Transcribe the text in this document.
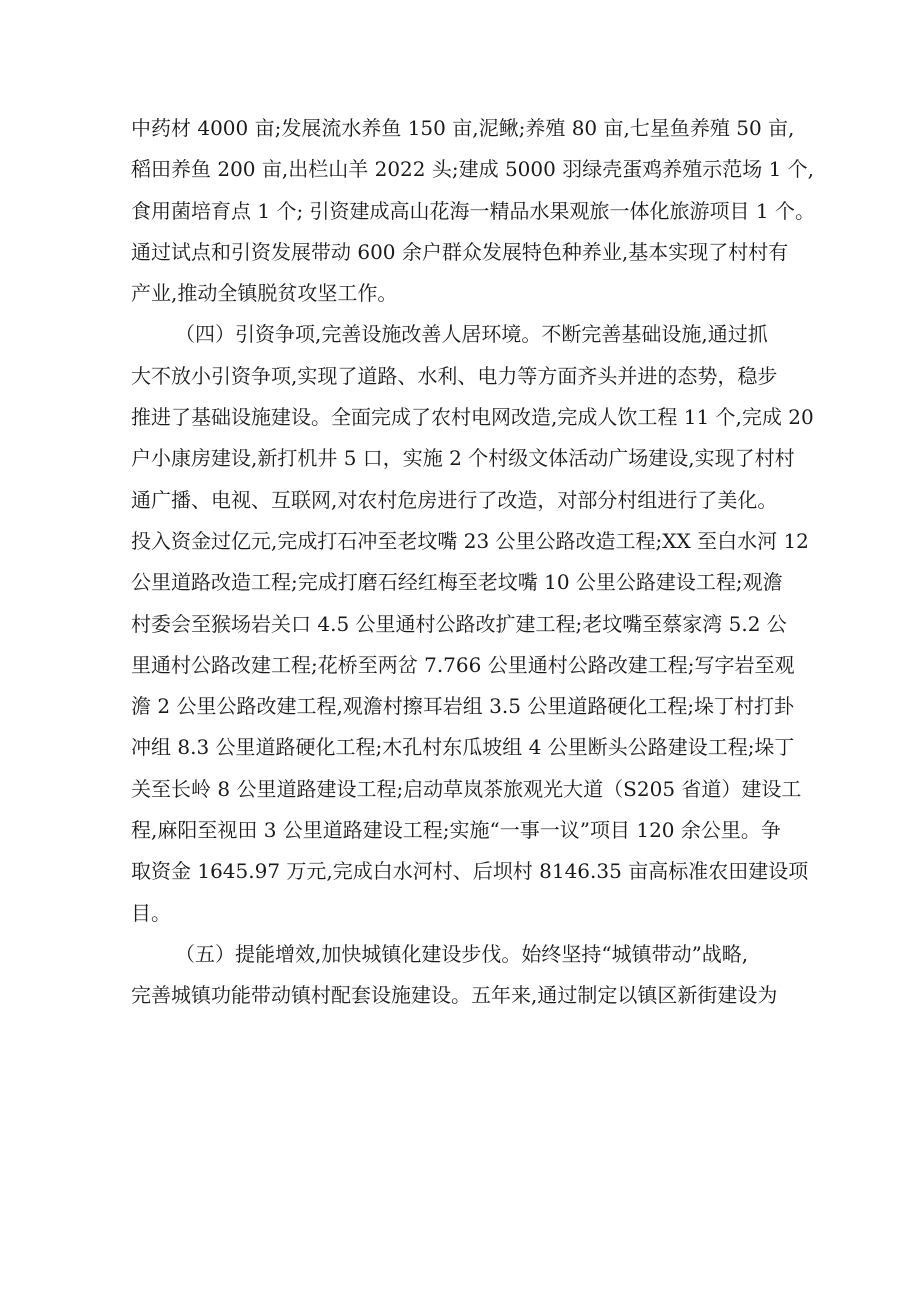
中药材 4000 亩;发展流水养鱼 150 亩,泥鳅;养殖 80 亩,七星鱼养殖 50 亩,
稻田养鱼 200 亩,出栏山羊 2022 头;建成 5000 羽绿壳蛋鸡养殖示范场 1 个,
食用菌培育点 1 个; 引资建成高山花海一精品水果观旅一体化旅游项目 1 个。
通过试点和引资发展带动 600 余户群众发展特色种养业,基本实现了村村有
产业,推动全镇脱贫攻坚工作。
（四）引资争项,完善设施改善人居环境。不断完善基础设施,通过抓
大不放小引资争项,实现了道路、水利、电力等方面齐头并进的态势，稳步
推进了基础设施建设。全面完成了农村电网改造,完成人饮工程 11 个,完成 20
户小康房建设,新打机井 5 口，实施 2 个村级文体活动广场建设,实现了村村
通广播、电视、互联网,对农村危房进行了改造，对部分村组进行了美化。
投入资金过亿元,完成打石冲至老坟嘴 23 公里公路改造工程;XX 至白水河 12
公里道路改造工程;完成打磨石经红梅至老坟嘴 10 公里公路建设工程;观澹
村委会至猴场岩关口 4.5 公里通村公路改扩建工程;老坟嘴至蔡家湾 5.2 公
里通村公路改建工程;花桥至两岔 7.766 公里通村公路改建工程;写字岩至观
澹 2 公里公路改建工程,观澹村擦耳岩组 3.5 公里道路硬化工程;垛丁村打卦
冲组 8.3 公里道路硬化工程;木孔村东瓜坡组 4 公里断头公路建设工程;垛丁
关至长岭 8 公里道路建设工程;启动草岚茶旅观光大道（S205 省道）建设工
程,麻阳至视田 3 公里道路建设工程;实施“一事一议”项目 120 余公里。争
取资金 1645.97 万元,完成白水河村、后坝村 8146.35 亩高标准农田建设项
目。
（五）提能增效,加快城镇化建设步伐。始终坚持“城镇带动”战略,
完善城镇功能带动镇村配套设施建设。五年来,通过制定以镇区新街建设为
